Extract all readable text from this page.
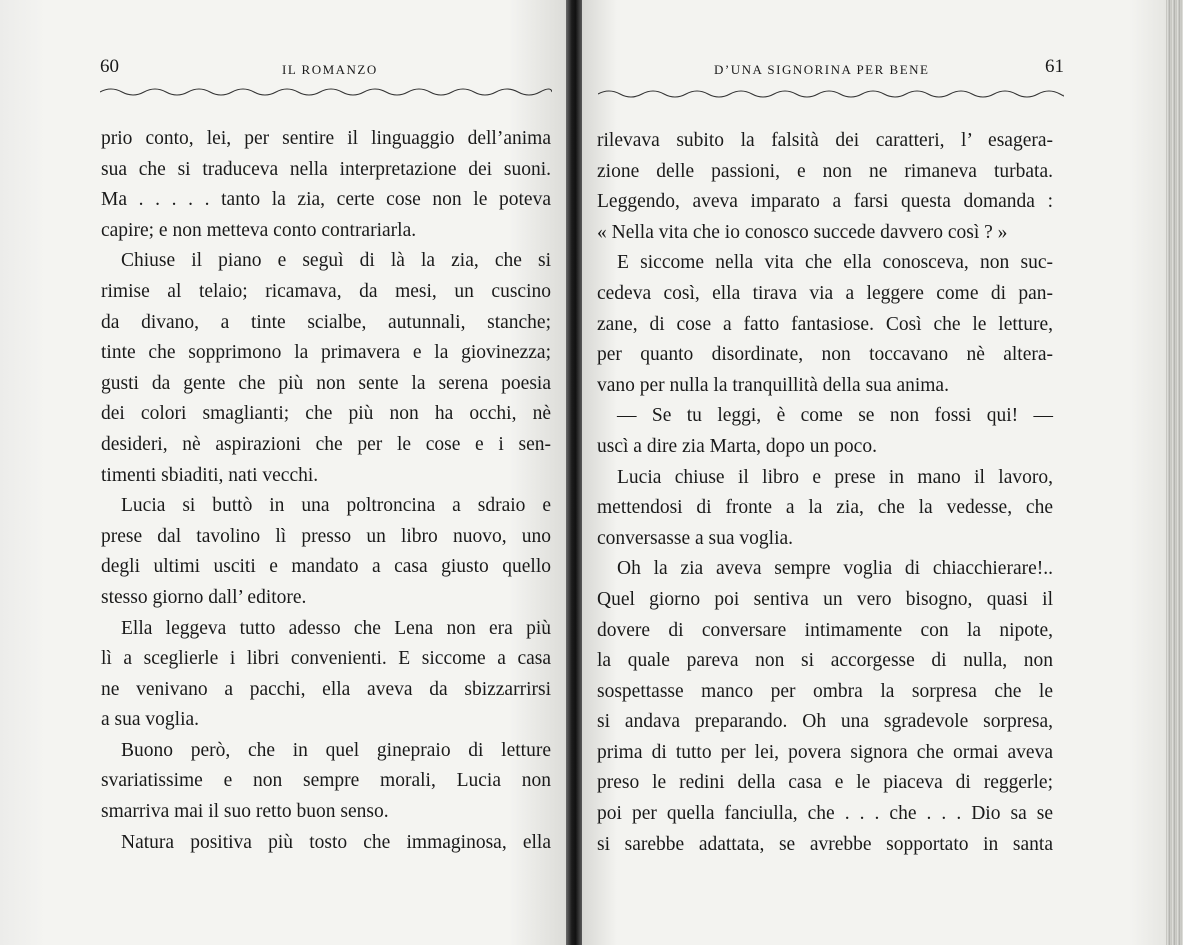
60	IL ROMANZO
prio conto, lei, per sentire il linguaggio dell’anima
sua che si traduceva nella interpretazione dei suoni.
Ma . . . . . tanto la zia, certe cose non le poteva
capire; e non metteva conto contrariarla.
Chiuse il piano e seguì di là la zia, che si
rimise al telaio; ricamava, da mesi, un cuscino
da divano, a tinte scialbe, autunnali, stanche;
tinte che sopprimono la primavera e la giovinezza;
gusti da gente che più non sente la serena poesia
dei colori smaglianti; che più non ha occhi, nè
desideri, nè aspirazioni che per le cose e i sen-
timenti sbiaditi, nati vecchi.
Lucia si buttò in una poltroncina a sdraio e
prese dal tavolino lì presso un libro nuovo, uno
degli ultimi usciti e mandato a casa giusto quello
stesso giorno dall’ editore.
Ella leggeva tutto adesso che Lena non era più
lì a sceglierle i libri convenienti. E siccome a casa
ne venivano a pacchi, ella aveva da sbizzarrirsi
a sua voglia.
Buono però, che in quel ginepraio di letture
svariatissime e non sempre morali, Lucia non
smarriva mai il suo retto buon senso.
Natura positiva più tosto che immaginosa, ella
D’UNA SIGNORINA PER BENE	61
rilevava subito la falsità dei caratteri, l’ esagera-
zione delle passioni, e non ne rimaneva turbata.
Leggendo, aveva imparato a farsi questa domanda :
« Nella vita che io conosco succede davvero così ? »
E siccome nella vita che ella conosceva, non suc-
cedeva così, ella tirava via a leggere come di pan-
zane, di cose a fatto fantasiose. Così che le letture,
per quanto disordinate, non toccavano nè altera-
vano per nulla la tranquillità della sua anima.
— Se tu leggi, è come se non fossi qui! —
uscì a dire zia Marta, dopo un poco.
Lucia chiuse il libro e prese in mano il lavoro,
mettendosi di fronte a la zia, che la vedesse, che
conversasse a sua voglia.
Oh la zia aveva sempre voglia di chiacchierare!..
Quel giorno poi sentiva un vero bisogno, quasi il
dovere di conversare intimamente con la nipote,
la quale pareva non si accorgesse di nulla, non
sospettasse manco per ombra la sorpresa che le
si andava preparando. Oh una sgradevole sorpresa,
prima di tutto per lei, povera signora che ormai aveva
preso le redini della casa e le piaceva di reggerle;
poi per quella fanciulla, che . . . che . . . Dio sa se
si sarebbe adattata, se avrebbe sopportato in santa
